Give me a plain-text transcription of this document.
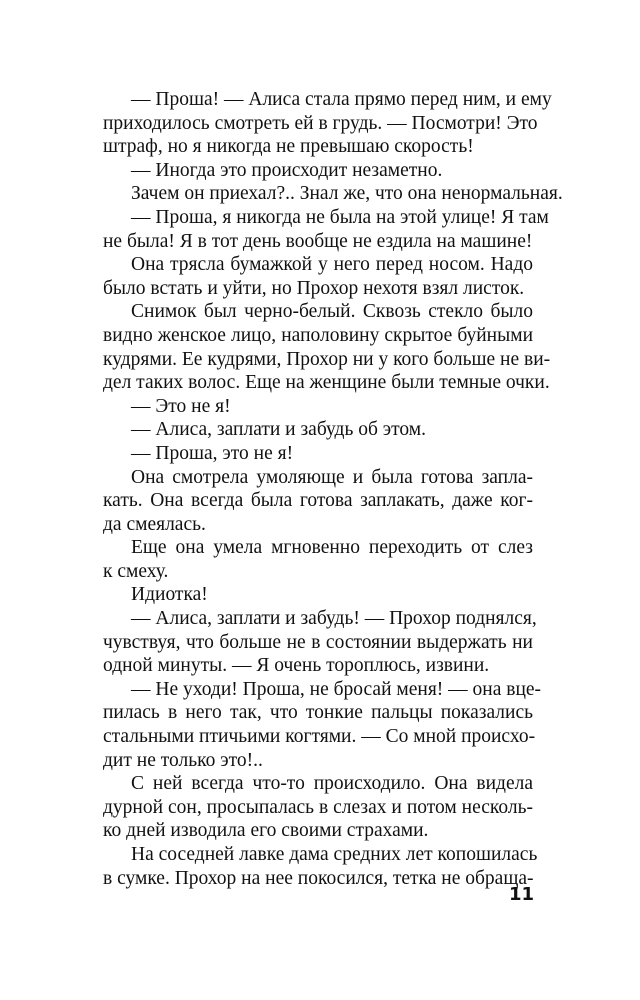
— Проша! — Алиса стала прямо перед ним, и ему
приходилось смотреть ей в грудь. — Посмотри! Это
штраф, но я никогда не превышаю скорость!
— Иногда это происходит незаметно.
Зачем он приехал?.. Знал же, что она ненормальная.
— Проша, я никогда не была на этой улице! Я там
не была! Я в тот день вообще не ездила на машине!
Она трясла бумажкой у него перед носом. Надо
было встать и уйти, но Прохор нехотя взял листок.
Снимок был черно-белый. Сквозь стекло было
видно женское лицо, наполовину скрытое буйными
кудрями. Ее кудрями, Прохор ни у кого больше не ви-
дел таких волос. Еще на женщине были темные очки.
— Это не я!
— Алиса, заплати и забудь об этом.
— Проша, это не я!
Она смотрела умоляюще и была готова запла-
кать. Она всегда была готова заплакать, даже ког-
да смеялась.
Еще она умела мгновенно переходить от слез
к смеху.
Идиотка!
— Алиса, заплати и забудь! — Прохор поднялся,
чувствуя, что больше не в состоянии выдержать ни
одной минуты. — Я очень тороплюсь, извини.
— Не уходи! Проша, не бросай меня! — она вце-
пилась в него так, что тонкие пальцы показались
стальными птичьими когтями. — Со мной происхо-
дит не только это!..
С ней всегда что-то происходило. Она видела
дурной сон, просыпалась в слезах и потом несколь-
ко дней изводила его своими страхами.
На соседней лавке дама средних лет копошилась
в сумке. Прохор на нее покосился, тетка не обраща-
11
